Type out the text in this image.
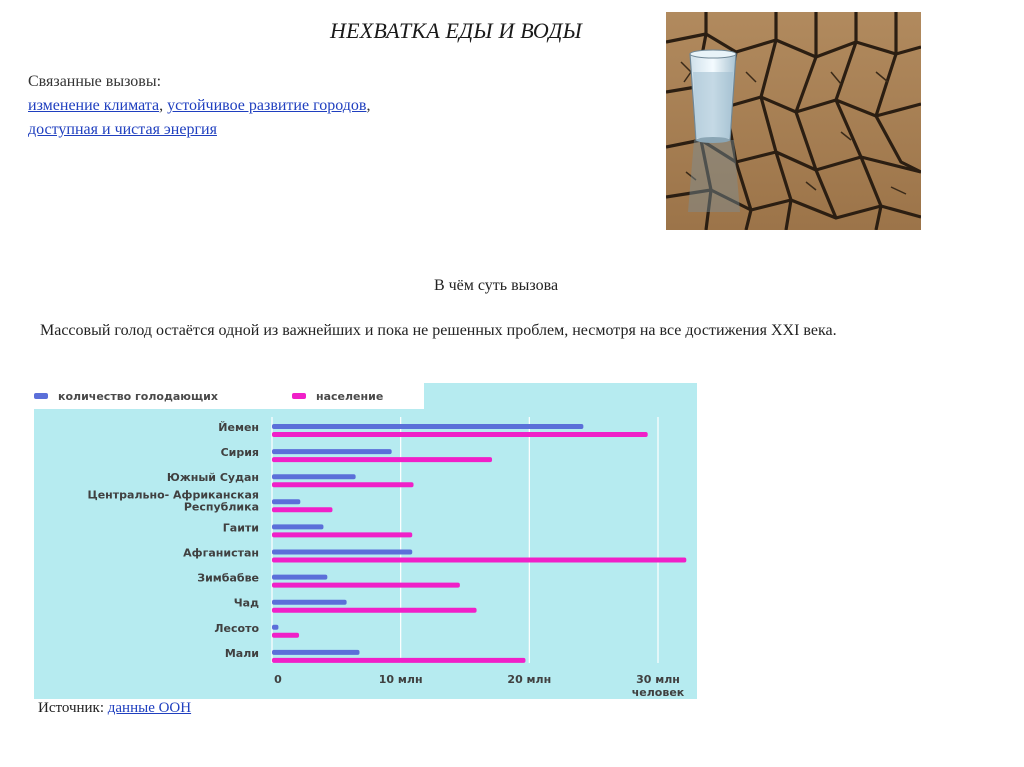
НЕХВАТКА ЕДЫ И ВОДЫ
Связанные вызовы:
изменение климата, устойчивое развитие городов,
доступная и чистая энергия
В чём суть вызова
Массовый голод остаётся одной из важнейших и пока не решенных проблем, несмотря на все достижения XXI века.
количество голодающих	население
Йемен
Сирия
Южный Судан
Центрально- Африканская
Республика
Гаити
Афганистан
Зимбабве
Чад
Лесото
Мали
0	10 млн	20 млн	30 млн
человек
Источник: данные ООН
